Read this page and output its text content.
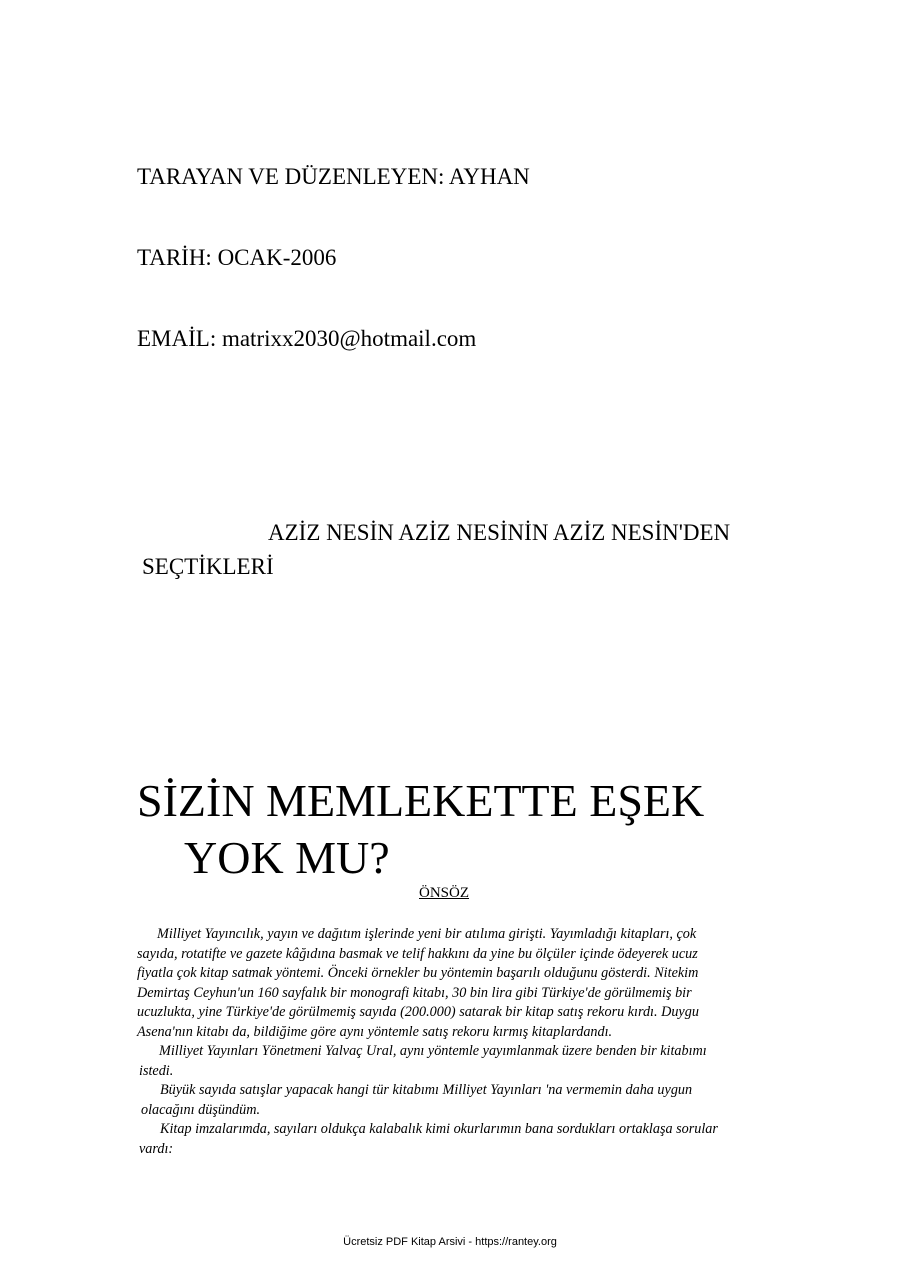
TARAYAN VE DÜZENLEYEN: AYHAN
TARİH: OCAK-2006
EMAİL: matrixx2030@hotmail.com
AZİZ NESİN AZİZ NESİNİN AZİZ NESİN'DEN
SEÇTİKLERİ
SİZİN MEMLEKETTE EŞEK
YOK MU?
ÖNSÖZ
Milliyet Yayıncılık, yayın ve dağıtım işlerinde yeni bir atılıma girişti. Yayımladığı kitapları, çok
sayıda, rotatifte ve gazete kâğıdına basmak ve telif hakkını da yine bu ölçüler içinde ödeyerek ucuz
fiyatla çok kitap satmak yöntemi. Önceki örnekler bu yöntemin başarılı olduğunu gösterdi. Nitekim
Demirtaş Ceyhun'un 160 sayfalık bir monografi kitabı, 30 bin lira gibi Türkiye'de görülmemiş bir
ucuzlukta, yine Türkiye'de görülmemiş sayıda (200.000) satarak bir kitap satış rekoru kırdı. Duygu
Asena'nın kitabı da, bildiğime göre aynı yöntemle satış rekoru kırmış kitaplardandı.
Milliyet Yayınları Yönetmeni Yalvaç Ural, aynı yöntemle yayımlanmak üzere benden bir kitabımı
istedi.
Büyük sayıda satışlar yapacak hangi tür kitabımı Milliyet Yayınları 'na vermemin daha uygun
olacağını düşündüm.
Kitap imzalarımda, sayıları oldukça kalabalık kimi okurlarımın bana sordukları ortaklaşa sorular
vardı:
Ücretsiz PDF Kitap Arsivi - https://rantey.org
